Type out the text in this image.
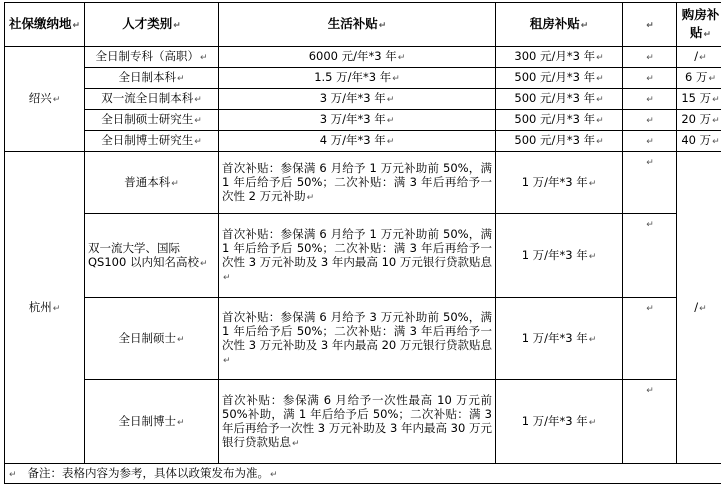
社保缴纳地↵	人才类别↵	生活补贴↵	租房补贴↵	↵	购房补贴↵
绍兴↵	全日制专科（高职）↵	6000 元/年*3 年↵	300 元/月*3 年↵	↵	/↵
	全日制本科↵	1.5 万/年*3 年↵	500 元/月*3 年↵	↵	6 万↵
	双一流全日制本科↵	3 万/年*3 年↵	500 元/月*3 年↵	↵	15 万↵
	全日制硕士研究生↵	3 万/年*3 年↵	500 元/月*3 年↵	↵	20 万↵
	全日制博士研究生↵	4 万/年*3 年↵	500 元/月*3 年↵	↵	40 万↵
杭州↵	普通本科↵	首次补贴：参保满 6 月给予 1 万元补助前 50%，满 1 年后给予后 50%；二次补贴：满 3 年后再给予一次性 2 万元补助↵	1 万/年*3 年↵	↵	/↵
	双一流大学、国际 QS100 以内知名高校↵	首次补贴：参保满 6 月给予 1 万元补助前 50%，满 1 年后给予后 50%；二次补贴：满 3 年后再给予一次性 3 万元补助及 3 年内最高 10 万元银行贷款贴息↵	1 万/年*3 年↵	↵	
	全日制硕士↵	首次补贴：参保满 6 月给予 3 万元补助前 50%，满 1 年后给予后 50%；二次补贴：满 3 年后再给予一次性 3 万元补助及 3 年内最高 20 万元银行贷款贴息↵	1 万/年*3 年↵	↵	
	全日制博士↵	首次补贴：参保满 6 月给予一次性最高 10 万元前 50%补助，满 1 年后给予后 50%；二次补贴：满 3 年后再给予一次性 3 万元补助及 3 年内最高 30 万元银行贷款贴息↵	1 万/年*3 年↵	↵	
↵ 备注：表格内容为参考，具体以政策发布为准。↵					
